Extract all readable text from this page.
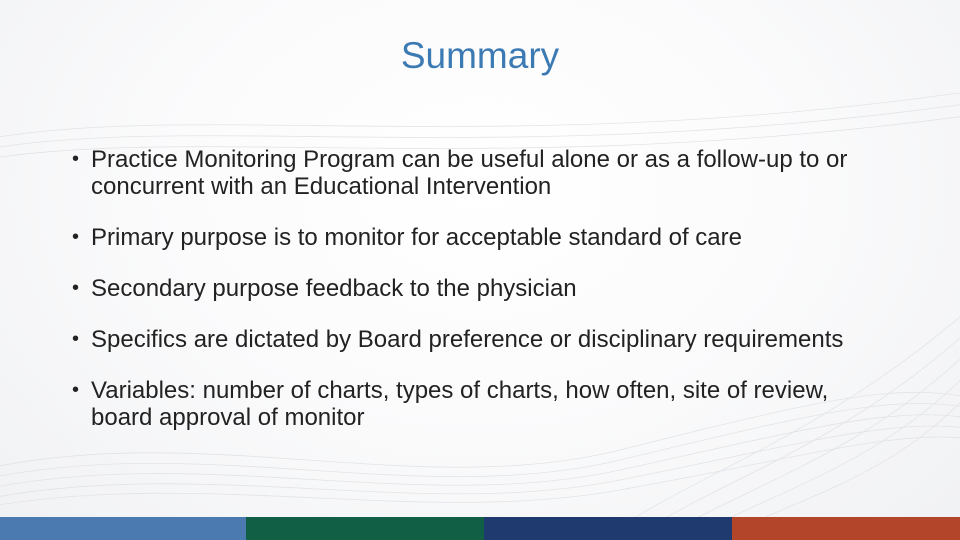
Summary
• Practice Monitoring Program can be useful alone or as a follow-up to or concurrent with an Educational Intervention
• Primary purpose is to monitor for acceptable standard of care
• Secondary purpose feedback to the physician
• Specifics are dictated by Board preference or disciplinary requirements
• Variables: number of charts, types of charts, how often, site of review, board approval of monitor
